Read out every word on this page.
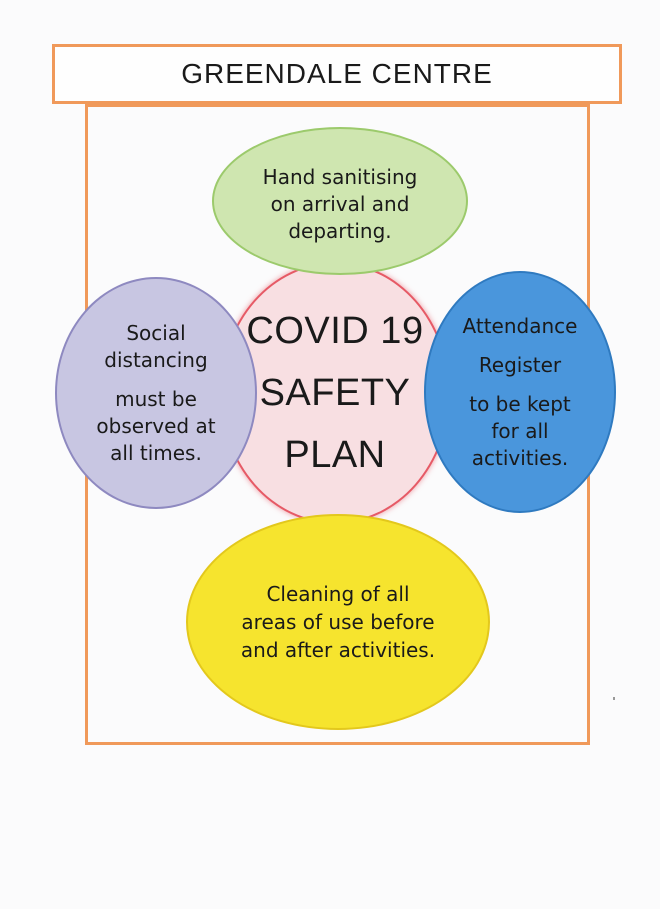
GREENDALE CENTRE
COVID 19
SAFETY
PLAN
Hand sanitising
on arrival and
departing.
Social
distancing
must be
observed at
all times.
Attendance
Register
to be kept
for all
activities.
Cleaning of all
areas of use before
and after activities.
